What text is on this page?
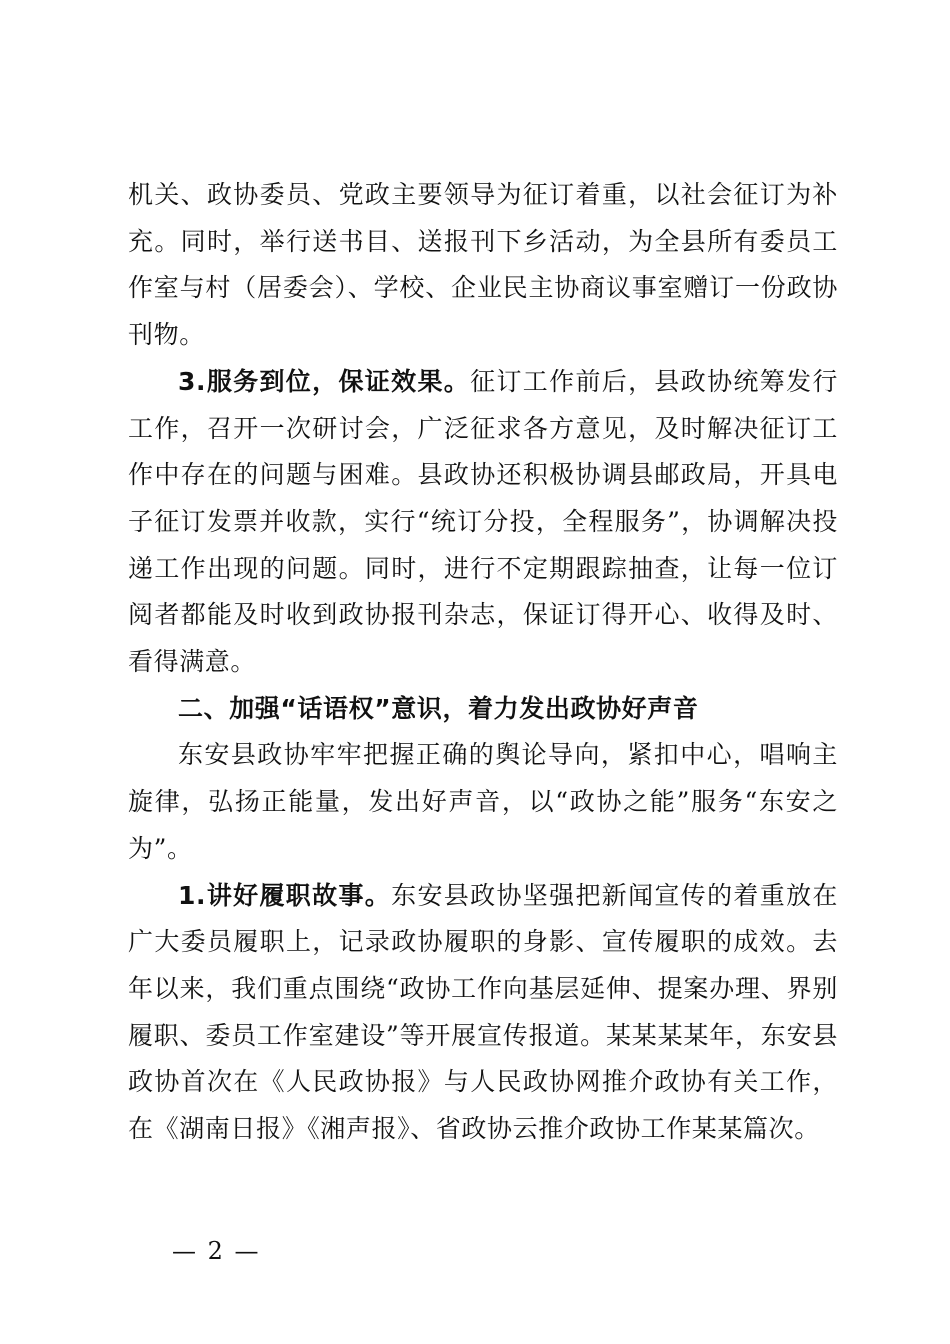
机关、政协委员、党政主要领导为征订着重，以社会征订为补充。同时，举行送书目、送报刊下乡活动，为全县所有委员工作室与村（居委会）、学校、企业民主协商议事室赠订一份政协刊物。

3.服务到位，保证效果。征订工作前后，县政协统筹发行工作，召开一次研讨会，广泛征求各方意见，及时解决征订工作中存在的问题与困难。县政协还积极协调县邮政局，开具电子征订发票并收款，实行“统订分投，全程服务”，协调解决投递工作出现的问题。同时，进行不定期跟踪抽查，让每一位订阅者都能及时收到政协报刊杂志，保证订得开心、收得及时、看得满意。

二、加强“话语权”意识，着力发出政协好声音

东安县政协牢牢把握正确的舆论导向，紧扣中心，唱响主旋律，弘扬正能量，发出好声音，以“政协之能”服务“东安之为”。

1.讲好履职故事。东安县政协坚强把新闻宣传的着重放在广大委员履职上，记录政协履职的身影、宣传履职的成效。去年以来，我们重点围绕“政协工作向基层延伸、提案办理、界别履职、委员工作室建设”等开展宣传报道。某某某某年，东安县政协首次在《人民政协报》与人民政协网推介政协有关工作，在《湖南日报》《湘声报》、省政协云推介政协工作某某篇次。

— 2 —
